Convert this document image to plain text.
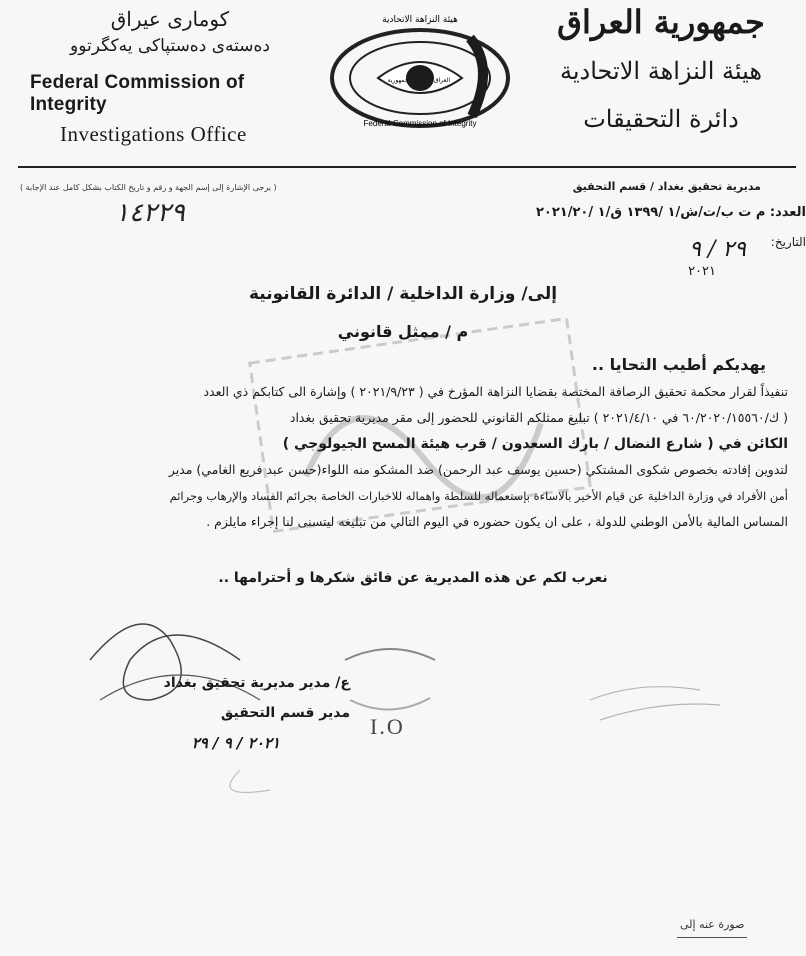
کوماری عیراق
دەستەی دەستپاکی یەکگرتوو
Federal Commission of Integrity
Investigations Office
هيئة النزاهة الاتحادية
جمهورية	العراق
Federal Commission of Integrity
جمهورية العراق
هيئة النزاهة الاتحادية
دائرة التحقيقات
( يرجى الإشارة إلى إسم الجهة و رقم و تاريخ الكتاب بشكل كامل عند الإجابة )	مديرية تحقيق بغداد / قسم التحقيق
العدد: م ت ب/ت/ش/١ /١٣٩٩ ق/١ /٢٠٢١/٢٠
١٤٢٢٩
التاريخ:
٢٩ / ٩
٢٠٢١
إلى/ وزارة الداخلية / الدائرة القانونية
م / ممثل قانوني
يهديكم أطيب التحايا ..
تنفيذاً لقرار محكمة تحقيق الرصافة المختصة بقضايا النزاهة المؤرخ في ( ٢٠٢١/٩/٢٣ ) وإشارة الى كتابكم ذي العدد
( ك/٦٠/٢٠٢٠/١٥٥٦٠ في ٢٠٢١/٤/١٠ ) تبليغ ممثلكم القانوني للحضور إلى مقر مديرية تحقيق بغداد
الكائن في ( شارع النضال / بارك السعدون / قرب هيئة المسح الجيولوجي )
لتدوين إفادته بخصوص شكوى المشتكي (حسين يوسف عبد الرحمن) ضد المشكو منه اللواء(حسن عبد فريع الغامي) مدير
أمن الأفراد في وزارة الداخلية عن قيام الأخير بالاساءة بإستعماله للسلطة واهماله للاخبارات الخاصة بجرائم الفساد والإرهاب وجرائم
المساس المالية بالأمن الوطني للدولة ، على ان يكون حضوره في اليوم التالي من تبليغه ليتسنى لنا إجراء مايلزم .
نعرب لكم عن هذه المديرية عن فائق شكرها و أحترامها ..
ع/ مدير مديرية تحقيق بغداد
مدير قسم التحقيق
٢٠٢١ / ٩ / ٢٩
I.O
صورة عنه إلى
